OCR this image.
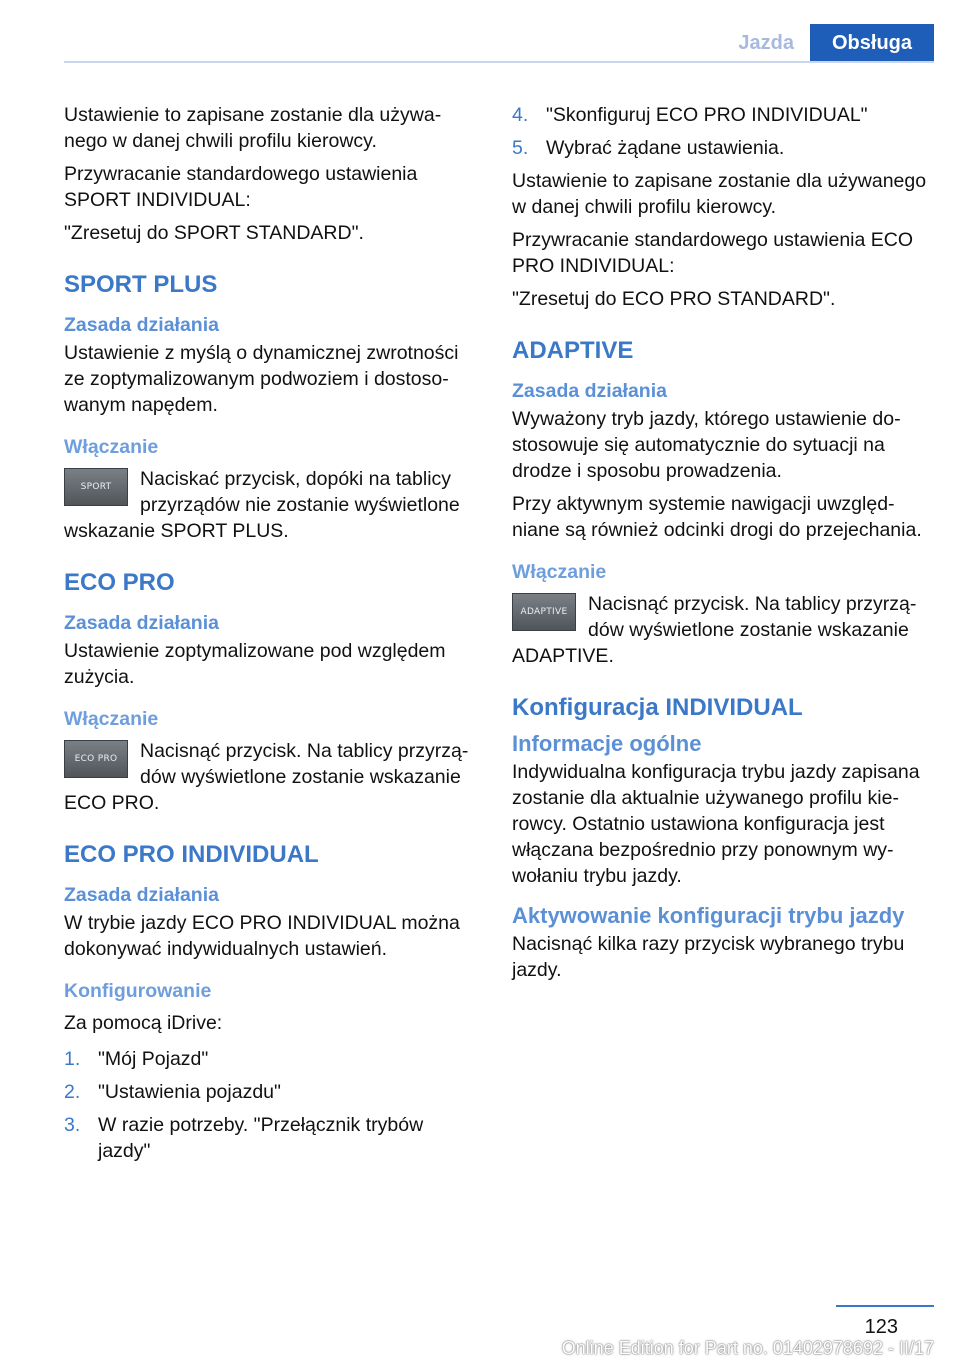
Jazda	Obsługa

Ustawienie to zapisane zostanie dla używanego w danej chwili profilu kierowcy.

Przywracanie standardowego ustawienia SPORT INDIVIDUAL:

"Zresetuj do SPORT STANDARD".

SPORT PLUS
Zasada działania

Ustawienie z myślą o dynamicznej zwrotności ze zoptymalizowanym podwoziem i dostosowanym napędem.

Włączanie
SPORT Naciskać przycisk, dopóki na tablicy przyrządów nie zostanie wyświetlone wskazanie SPORT PLUS.
ECO PRO
Zasada działania

Ustawienie zoptymalizowane pod względem zużycia.

Włączanie
ECO PRO Nacisnąć przycisk. Na tablicy przyrządów wyświetlone zostanie wskazanie ECO PRO.
ECO PRO INDIVIDUAL
Zasada działania

W trybie jazdy ECO PRO INDIVIDUAL można dokonywać indywidualnych ustawień.

Konfigurowanie

Za pomocą iDrive:

1. "Mój Pojazd"
2. "Ustawienia pojazdu"
3. W razie potrzeby. "Przełącznik trybów jazdy"
4. "Skonfiguruj ECO PRO INDIVIDUAL"
5. Wybrać żądane ustawienia.

Ustawienie to zapisane zostanie dla używanego w danej chwili profilu kierowcy.

Przywracanie standardowego ustawienia ECO PRO INDIVIDUAL:

"Zresetuj do ECO PRO STANDARD".

ADAPTIVE
Zasada działania

Wyważony tryb jazdy, którego ustawienie dostosowuje się automatycznie do sytuacji na drodze i sposobu prowadzenia.

Przy aktywnym systemie nawigacji uwzględniane są również odcinki drogi do przejechania.

Włączanie
ADAPTIVE Nacisnąć przycisk. Na tablicy przyrządów wyświetlone zostanie wskazanie ADAPTIVE.
Konfiguracja INDIVIDUAL
Informacje ogólne

Indywidualna konfiguracja trybu jazdy zapisana zostanie dla aktualnie używanego profilu kierowcy. Ostatnio ustawiona konfiguracja jest włączana bezpośrednio przy ponownym wywołaniu trybu jazdy.

Aktywowanie konfiguracji trybu jazdy

Nacisnąć kilka razy przycisk wybranego trybu jazdy.

123
Online Edition for Part no. 01402978692 - II/17
